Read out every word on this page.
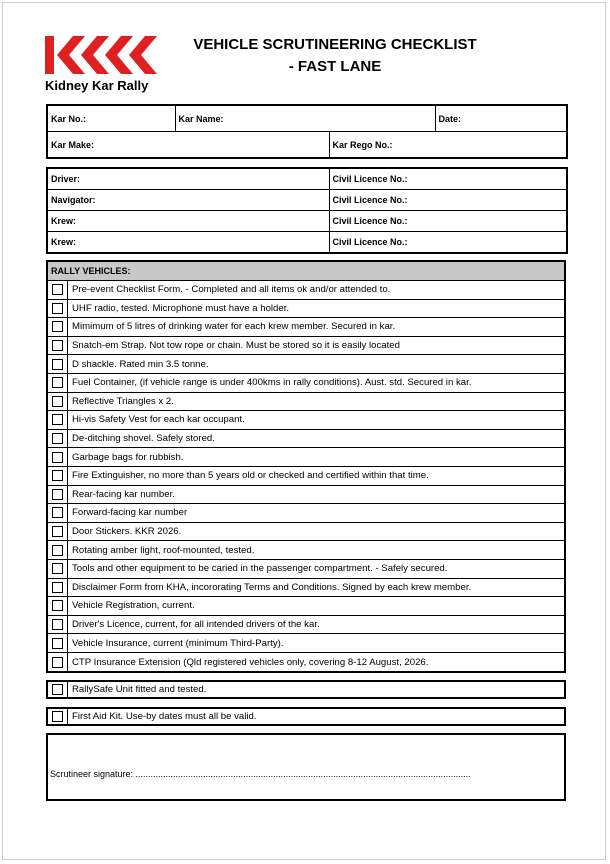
Kidney Kar Rally
VEHICLE SCRUTINEERING CHECKLIST
- FAST LANE
Kar No.:	Kar Name:		Date:
Kar Make:		Kar Rego No.:	
Driver:	Civil Licence No.:
Navigator:	Civil Licence No.:
Krew:	Civil Licence No.:
Krew:	Civil Licence No.:
RALLY VEHICLES:
Pre-event Checklist Form. - Completed and all items ok and/or attended to.
UHF radio, tested. Microphone must have a holder.
Mimimum of 5 litres of drinking water for each krew member. Secured in kar.
Snatch-em Strap. Not tow rope or chain. Must be stored so it is easily located
D shackle. Rated min 3.5 tonne.
Fuel Container, (if vehicle range is under 400kms in rally conditions). Aust. std. Secured in kar.
Reflective Triangles x 2.
Hi-vis Safety Vest for each kar occupant.
De-ditching shovel. Safely stored.
Garbage bags for rubbish.
Fire Extinguisher, no more than 5 years old or checked and certified within that time.
Rear-facing kar number.
Forward-facing kar number
Door Stickers. KKR 2026.
Rotating amber light, roof-mounted, tested.
Tools and other equipment to be caried in the passenger compartment. - Safely secured.
Disclaimer Form from KHA, incororating Terms and Conditions. Signed by each krew member.
Vehicle Registration, current.
Driver's Licence, current, for all intended drivers of the kar.
Vehicle Insurance, current (minimum Third-Party).
CTP Insurance Extension (Qld registered vehicles only, covering 8-12 August, 2026.
RallySafe Unit fitted and tested.
First Aid Kit. Use-by dates must all be valid.
Scrutineer signature: ......................................................................................................................................
